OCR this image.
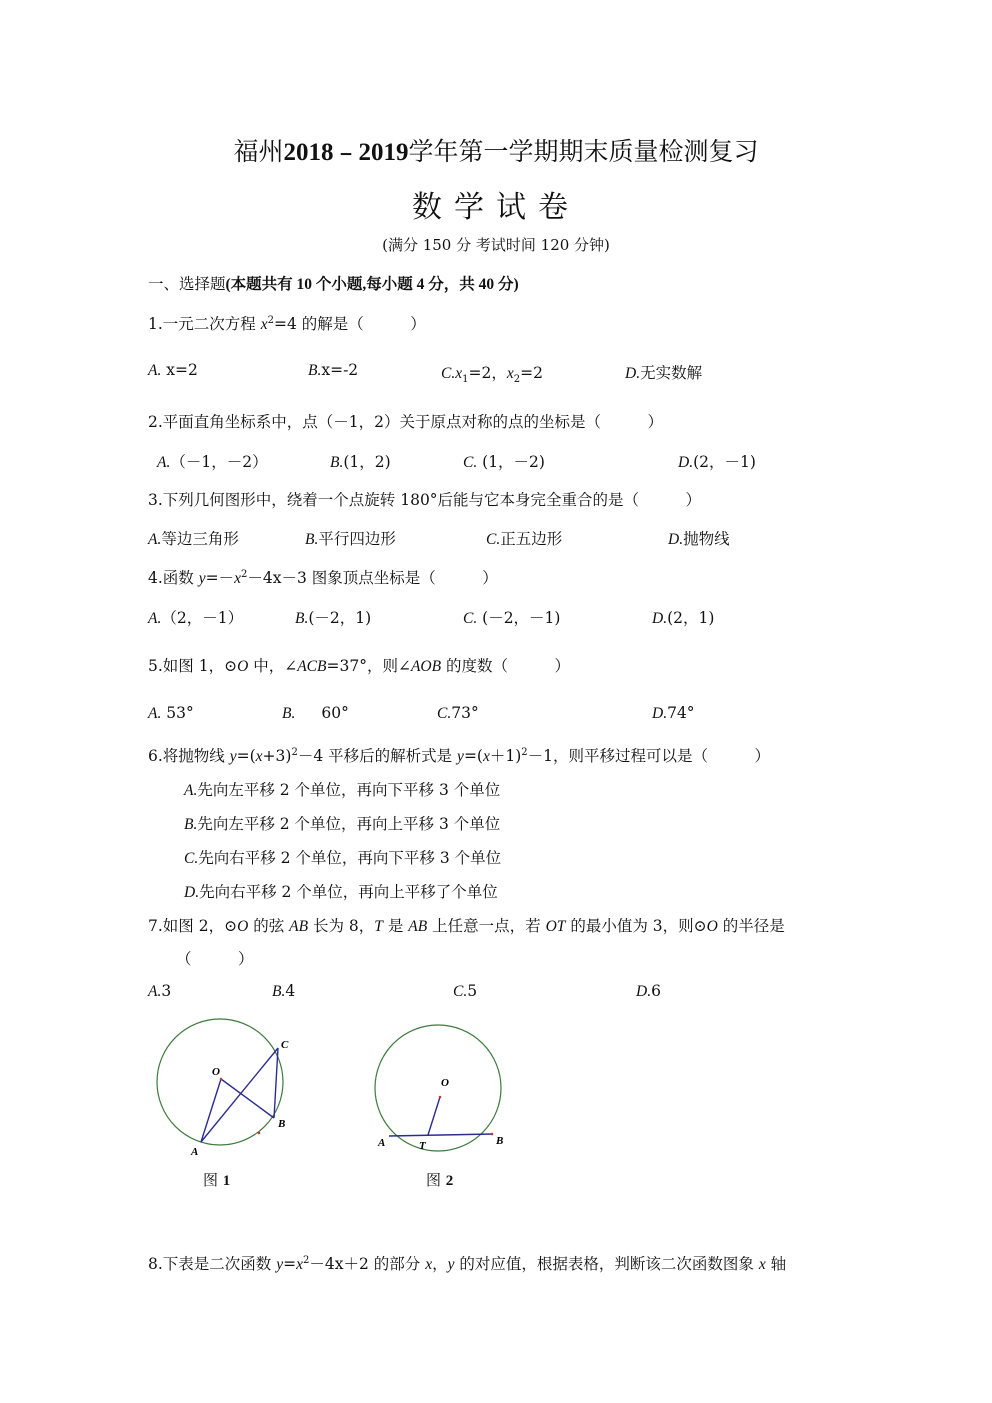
福州2018﹣2019学年第一学期期末质量检测复习
数学试卷
(满分 150 分 考试时间 120 分钟)
一、选择题(本题共有 10 个小题,每小题 4 分，共 40 分)
1.一元二次方程 $x^2=4$ 的解是（　　　）
A. x=2	B.x=-2	$C.x_1=2$，$x_2=2$	D.无实数解
2.平面直角坐标系中，点（－1，2）关于原点对称的点的坐标是（　　　）
A.（－1，－2）	B.(1，2)	C. (1，－2)	D.(2，－1)
3.下列几何图形中，绕着一个点旋转 180°后能与它本身完全重合的是（　　　）
A.等边三角形	B.平行四边形	C.正五边形	D.抛物线
4.函数 $y=-x^2-4x-3$ 图象顶点坐标是（　　　）
A.（2，－1）	B.(－2，1)	C. (－2，－1)	D.(2，1)
5.如图 1，⊙O 中，∠ACB=37°，则∠AOB 的度数（　　　）
A. 53°	B. 60°	C.73°	D.74°
6.将抛物线 $y=(x+3)^2-4$ 平移后的解析式是 $y=(x+1)^2-1$，则平移过程可以是（　　　）
A.先向左平移 2 个单位，再向下平移 3 个单位
B.先向左平移 2 个单位，再向上平移 3 个单位
C.先向右平移 2 个单位，再向下平移 3 个单位
D.先向右平移 2 个单位，再向上平移了个单位
7.如图 2，⊙O 的弦 AB 长为 8，T 是 AB 上任意一点，若 OT 的最小值为 3，则⊙O 的半径是
（　　　）
A.3	B.4	C.5	D.6
O
C
B
A
图 1
O
A	T	B
图 2
8.下表是二次函数 $y=x^2-4x+2$ 的部分 x，y 的对应值，根据表格，判断该二次函数图象 x 轴
